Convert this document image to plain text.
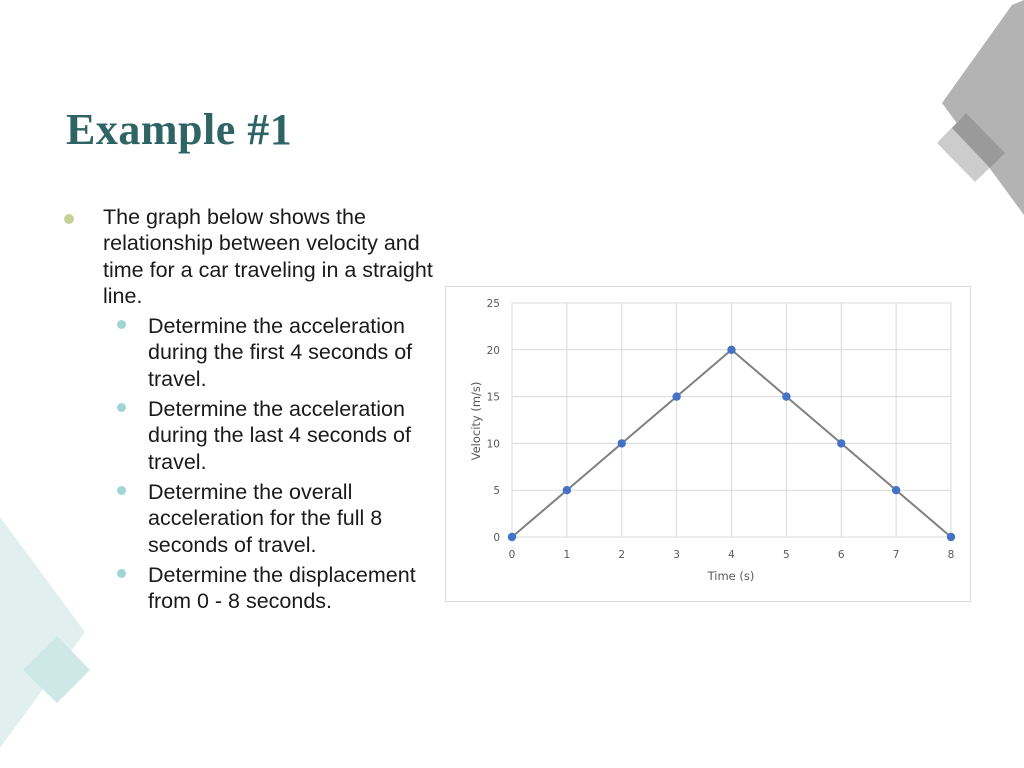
Example #1
The graph below shows the relationship between velocity and time for a car traveling in a straight line.
Determine the acceleration during the first 4 seconds of travel.
Determine the acceleration during the last 4 seconds of travel.
Determine the overall acceleration for the full 8 seconds of travel.
Determine the displacement from 0 - 8 seconds.
0
5
10
15
20
25
0	1	2	3	4	5	6	7	8
Time (s)
Velocity (m/s)
